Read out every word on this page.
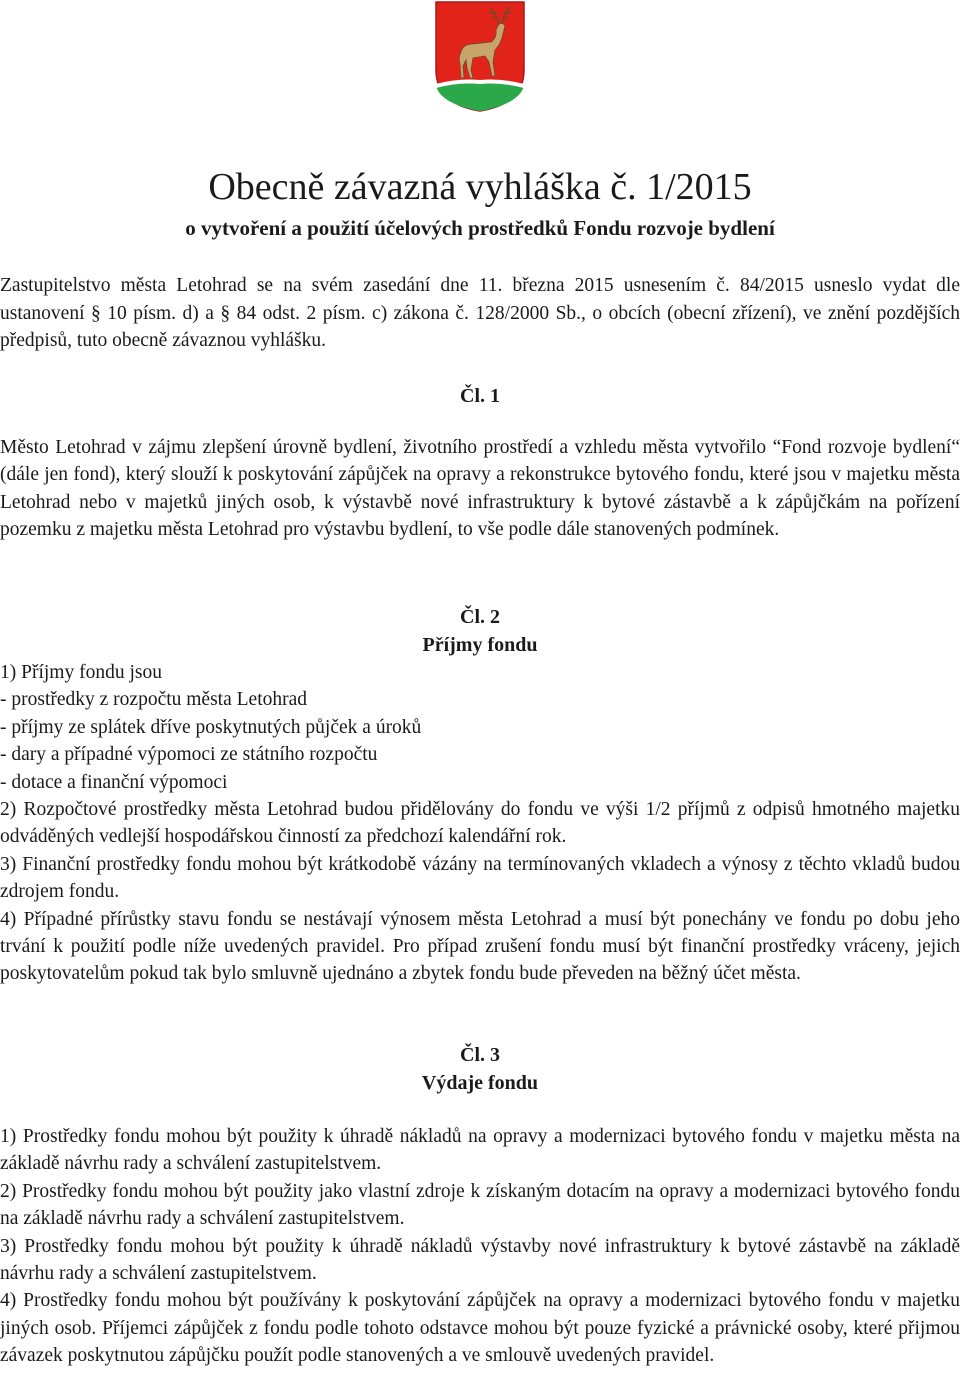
Obecně závazná vyhláška č. 1/2015
o vytvoření a použití účelových prostředků Fondu rozvoje bydlení

Zastupitelstvo města Letohrad se na svém zasedání dne 11. března 2015 usnesením č. 84/2015 usneslo vydat dle ustanovení § 10 písm. d) a § 84 odst. 2 písm. c) zákona č. 128/2000 Sb., o obcích (obecní zřízení), ve znění pozdějších předpisů, tuto obecně závaznou vyhlášku.

Čl. 1

Město Letohrad v zájmu zlepšení úrovně bydlení, životního prostředí a vzhledu města vytvořilo “Fond rozvoje bydlení“ (dále jen fond), který slouží k poskytování zápůjček na opravy a rekonstrukce bytového fondu, které jsou v majetku města Letohrad nebo v majetků jiných osob, k výstavbě nové infrastruktury k bytové zástavbě a k zápůjčkám na pořízení pozemku z majetku města Letohrad pro výstavbu bydlení, to vše podle dále stanovených podmínek.

Čl. 2
Příjmy fondu

1) Příjmy fondu jsou

- prostředky z rozpočtu města Letohrad

- příjmy ze splátek dříve poskytnutých půjček a úroků

- dary a případné výpomoci ze státního rozpočtu

- dotace a finanční výpomoci

2) Rozpočtové prostředky města Letohrad budou přidělovány do fondu ve výši 1/2 příjmů z odpisů hmotného majetku odváděných vedlejší hospodářskou činností za předchozí kalendářní rok.

3) Finanční prostředky fondu mohou být krátkodobě vázány na termínovaných vkladech a výnosy z těchto vkladů budou zdrojem fondu.

4) Případné přírůstky stavu fondu se nestávají výnosem města Letohrad a musí být ponechány ve fondu po dobu jeho trvání k použití podle níže uvedených pravidel. Pro případ zrušení fondu musí být finanční prostředky vráceny, jejich poskytovatelům pokud tak bylo smluvně ujednáno a zbytek fondu bude převeden na běžný účet města.

Čl. 3
Výdaje fondu

1) Prostředky fondu mohou být použity k úhradě nákladů na opravy a modernizaci bytového fondu v majetku města na základě návrhu rady a schválení zastupitelstvem.

2) Prostředky fondu mohou být použity jako vlastní zdroje k získaným dotacím na opravy a modernizaci bytového fondu na základě návrhu rady a schválení zastupitelstvem.

3) Prostředky fondu mohou být použity k úhradě nákladů výstavby nové infrastruktury k bytové zástavbě na základě návrhu rady a schválení zastupitelstvem.

4) Prostředky fondu mohou být používány k poskytování zápůjček na opravy a modernizaci bytového fondu v majetku jiných osob. Příjemci zápůjček z fondu podle tohoto odstavce mohou být pouze fyzické a právnické osoby, které přijmou závazek poskytnutou zápůjčku použít podle stanovených a ve smlouvě uvedených pravidel.
